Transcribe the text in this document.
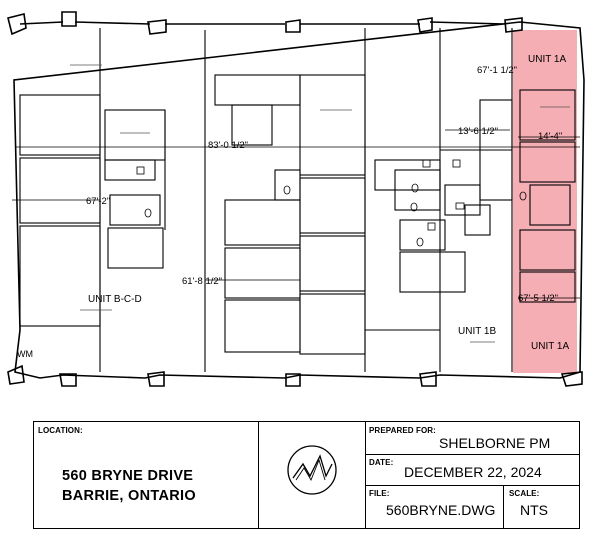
UNIT 1A
UNIT 1A
UNIT 1B
UNIT B-C-D
WM
67'-1 1/2"
83'-0 1/2"
13'-6 1/2"	14'-4"
67'-2"
61'-8 1/2"
67'-5 1/2"
LOCATION:
560 BRYNE DRIVE
BARRIE, ONTARIO
PREPARED FOR:
SHELBORNE PM
DATE:
DECEMBER 22, 2024
FILE:
560BRYNE.DWG
SCALE:
NTS
